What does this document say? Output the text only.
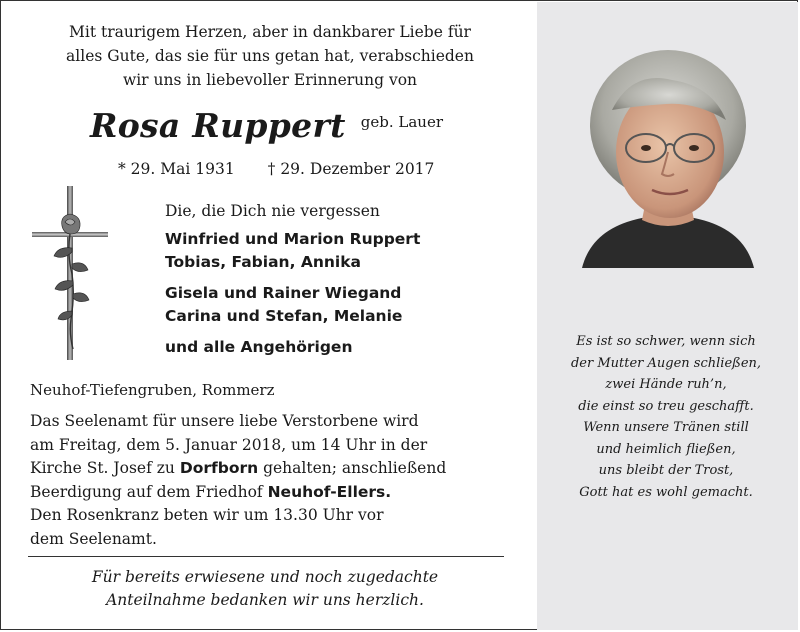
Mit traurigem Herzen, aber in dankbarer Liebe für
alles Gute, das sie für uns getan hat, verabschieden
wir uns in liebevoller Erinnerung von
Rosa Ruppert geb. Lauer
* 29. Mai 1931 † 29. Dezember 2017
Die, die Dich nie vergessen
Winfried und Marion Ruppert
Tobias, Fabian, Annika
Gisela und Rainer Wiegand
Carina und Stefan, Melanie
und alle Angehörigen
Neuhof-Tiefengruben, Rommerz
Das Seelenamt für unsere liebe Verstorbene wird
am Freitag, dem 5. Januar 2018, um 14 Uhr in der
Kirche St. Josef zu Dorfborn gehalten; anschließend
Beerdigung auf dem Friedhof Neuhof-Ellers.
Den Rosenkranz beten wir um 13.30 Uhr vor
dem Seelenamt.
Für bereits erwiesene und noch zugedachte
Anteilnahme bedanken wir uns herzlich.
Es ist so schwer, wenn sich
der Mutter Augen schließen,
zwei Hände ruh’n,
die einst so treu geschafft.
Wenn unsere Tränen still
und heimlich fließen,
uns bleibt der Trost,
Gott hat es wohl gemacht.
